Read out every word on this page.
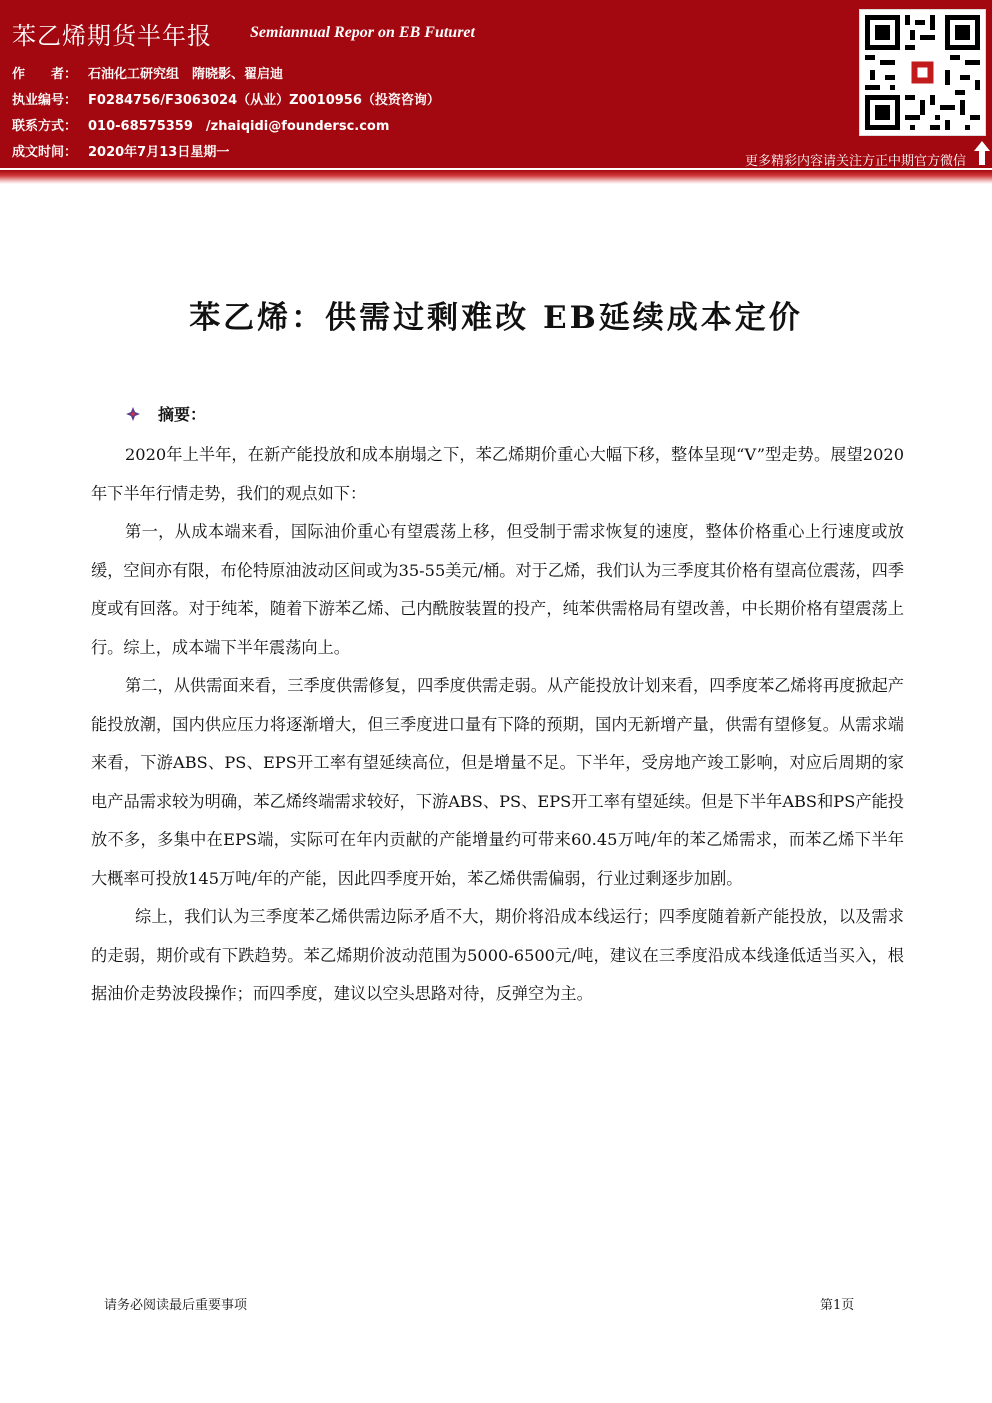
苯乙烯期货半年报 Semiannual Repor on EB Futuret
作　　者： 石油化工研究组　隋晓影、翟启迪
执业编号： F0284756/F3063024（从业）Z0010956（投资咨询）
联系方式： 010-68575359　/zhaiqidi@foundersc.com
成文时间： 2020年7月13日星期一
更多精彩内容请关注方正中期官方微信
苯乙烯：供需过剩难改 EB延续成本定价
摘要：

2020年上半年，在新产能投放和成本崩塌之下，苯乙烯期价重心大幅下移，整体呈现“V”型走势。展望2020年下半年行情走势，我们的观点如下：

第一，从成本端来看，国际油价重心有望震荡上移，但受制于需求恢复的速度，整体价格重心上行速度或放缓，空间亦有限，布伦特原油波动区间或为35-55美元/桶。对于乙烯，我们认为三季度其价格有望高位震荡，四季度或有回落。对于纯苯，随着下游苯乙烯、己内酰胺装置的投产，纯苯供需格局有望改善，中长期价格有望震荡上行。综上，成本端下半年震荡向上。

第二，从供需面来看，三季度供需修复，四季度供需走弱。从产能投放计划来看，四季度苯乙烯将再度掀起产能投放潮，国内供应压力将逐渐增大，但三季度进口量有下降的预期，国内无新增产量，供需有望修复。从需求端来看，下游ABS、PS、EPS开工率有望延续高位，但是增量不足。下半年，受房地产竣工影响，对应后周期的家电产品需求较为明确，苯乙烯终端需求较好，下游ABS、PS、EPS开工率有望延续。但是下半年ABS和PS产能投放不多，多集中在EPS端，实际可在年内贡献的产能增量约可带来60.45万吨/年的苯乙烯需求，而苯乙烯下半年大概率可投放145万吨/年的产能，因此四季度开始，苯乙烯供需偏弱，行业过剩逐步加剧。

综上，我们认为三季度苯乙烯供需边际矛盾不大，期价将沿成本线运行；四季度随着新产能投放，以及需求的走弱，期价或有下跌趋势。苯乙烯期价波动范围为5000-6500元/吨，建议在三季度沿成本线逢低适当买入，根据油价走势波段操作；而四季度，建议以空头思路对待，反弹空为主。

请务必阅读最后重要事项	第1页
